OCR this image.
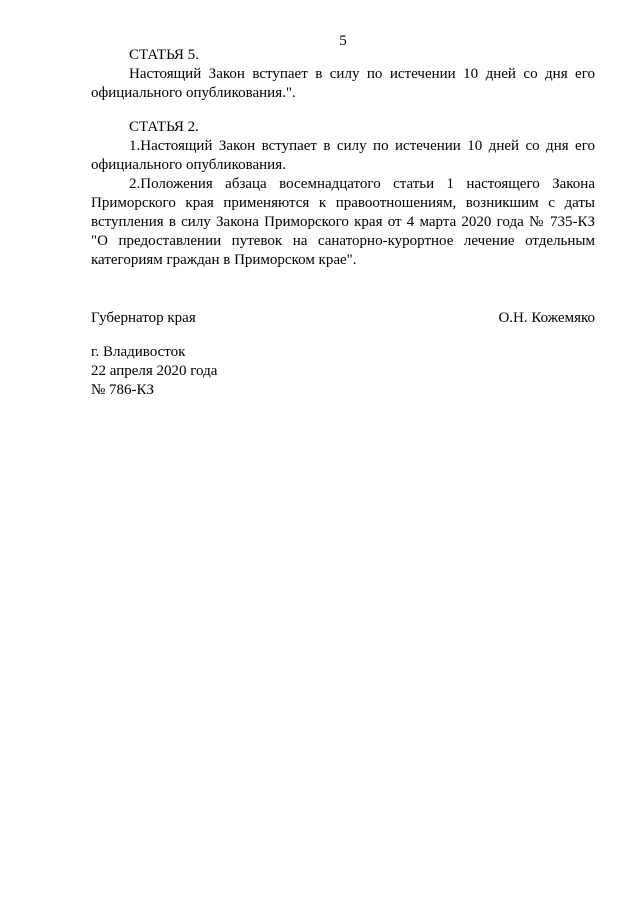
5

СТАТЬЯ 5.

Настоящий Закон вступает в силу по истечении 10 дней со дня его официального опубликования.".

СТАТЬЯ 2.

1.Настоящий Закон вступает в силу по истечении 10 дней со дня его официального опубликования.

2.Положения абзаца восемнадцатого статьи 1 настоящего Закона Приморского края применяются к правоотношениям, возникшим с даты вступления в силу Закона Приморского края от 4 марта 2020 года № 735-КЗ "О предоставлении путевок на санаторно-курортное лечение отдельным категориям граждан в Приморском крае".

Губернатор края	О.Н. Кожемяко
г. Владивосток
22 апреля 2020 года
№ 786-КЗ
